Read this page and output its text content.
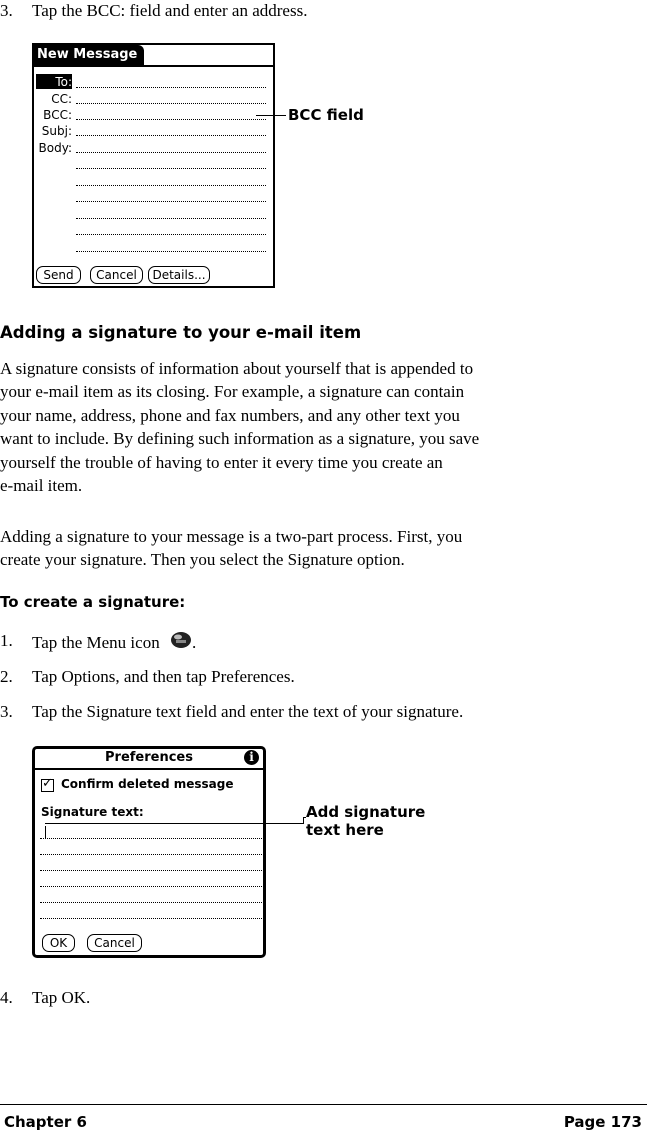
3. Tap the BCC: field and enter an address.
New Message
To:
CC:
BCC:
Subj:
Body:
Send	Cancel	Details...
BCC field
Adding a signature to your e-mail item
A signature consists of information about yourself that is appended to
your e-mail item as its closing. For example, a signature can contain
your name, address, phone and fax numbers, and any other text you
want to include. By defining such information as a signature, you save
yourself the trouble of having to enter it every time you create an
e-mail item.
Adding a signature to your message is a two-part process. First, you
create your signature. Then you select the Signature option.
To create a signature:
1. Tap the Menu icon .
2. Tap Options, and then tap Preferences.
3. Tap the Signature text field and enter the text of your signature.
Preferences	i
✓ Confirm deleted message
Signature text:
OK	Cancel
Add signature
text here
4. Tap OK.
Chapter 6	Page 173
